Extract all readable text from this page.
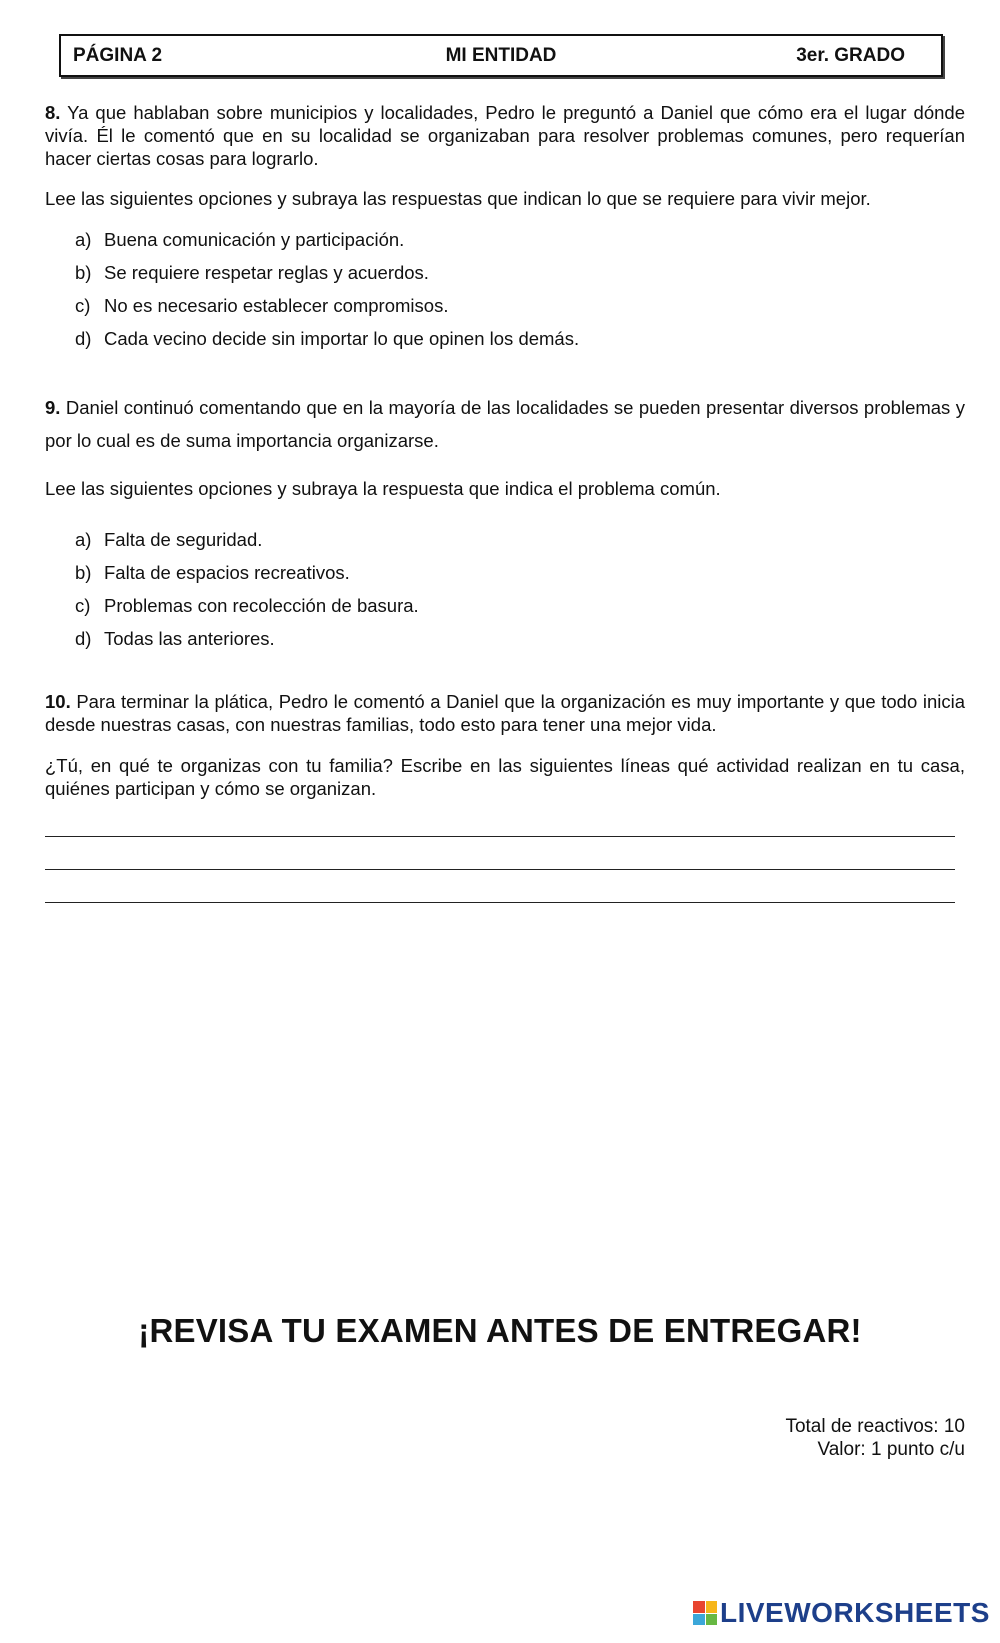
PÁGINA 2	MI ENTIDAD	3er. GRADO
8. Ya que hablaban sobre municipios y localidades, Pedro le preguntó a Daniel que cómo era el lugar dónde vivía. Él le comentó que en su localidad se organizaban para resolver problemas comunes, pero requerían hacer ciertas cosas para lograrlo.
Lee las siguientes opciones y subraya las respuestas que indican lo que se requiere para vivir mejor.
a) Buena comunicación y participación.
b) Se requiere respetar reglas y acuerdos.
c) No es necesario establecer compromisos.
d) Cada vecino decide sin importar lo que opinen los demás.
9. Daniel continuó comentando que en la mayoría de las localidades se pueden presentar diversos problemas y por lo cual es de suma importancia organizarse.
Lee las siguientes opciones y subraya la respuesta que indica el problema común.
a) Falta de seguridad.
b) Falta de espacios recreativos.
c) Problemas con recolección de basura.
d) Todas las anteriores.
10. Para terminar la plática, Pedro le comentó a Daniel que la organización es muy importante y que todo inicia desde nuestras casas, con nuestras familias, todo esto para tener una mejor vida.
¿Tú, en qué te organizas con tu familia? Escribe en las siguientes líneas qué actividad realizan en tu casa, quiénes participan y cómo se organizan.
¡REVISA TU EXAMEN ANTES DE ENTREGAR!
Total de reactivos: 10
Valor: 1 punto c/u
LIVEWORKSHEETS
